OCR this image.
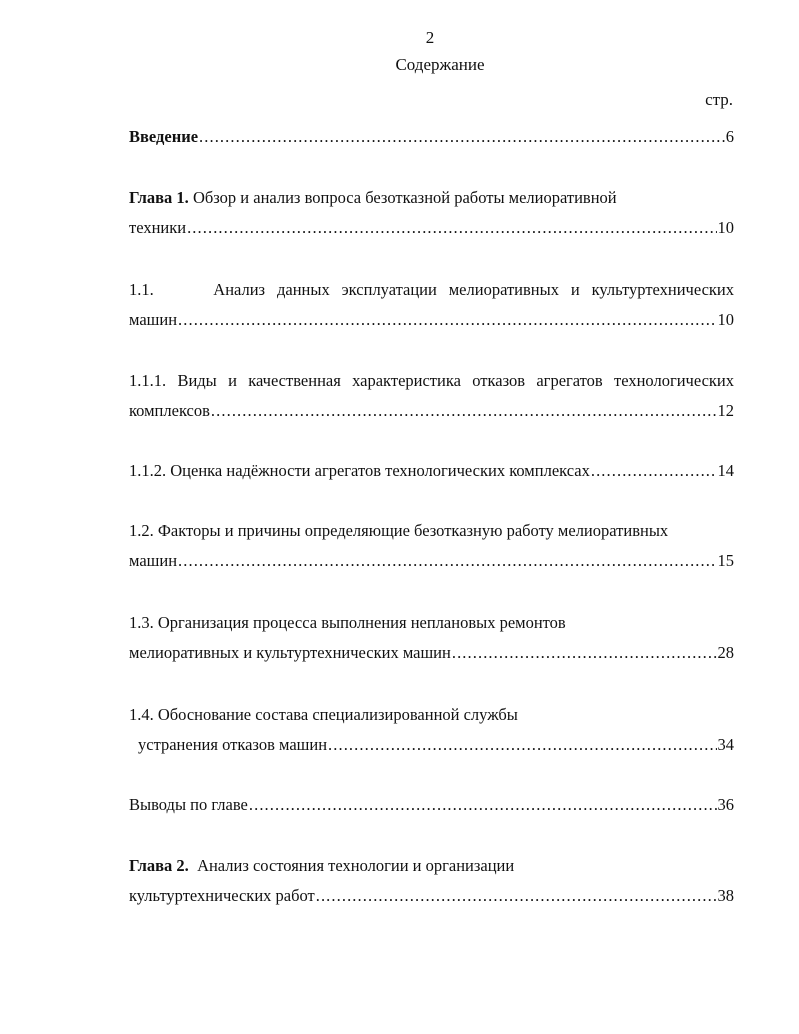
2
Содержание
стр.
Введение .....	6
Глава 1. Обзор и анализ вопроса безотказной работы мелиоративной
техники .....	10
1.1.	Анализ данных эксплуатации мелиоративных и культуртехнических
машин .....	10
1.1.1. Виды и качественная характеристика отказов агрегатов технологических
комплексов .....	12
1.1.2. Оценка надёжности агрегатов технологических комплексах .....	14
1.2. Факторы и причины определяющие безотказную работу мелиоративных
машин .....	15
1.3. Организация процесса выполнения неплановых ремонтов
мелиоративных и культуртехнических машин .....	28
1.4. Обоснование состава специализированной службы
устранения отказов машин .....	34
Выводы по главе .....	36
Глава 2. Анализ состояния технологии и организации
культуртехнических работ .....	38
